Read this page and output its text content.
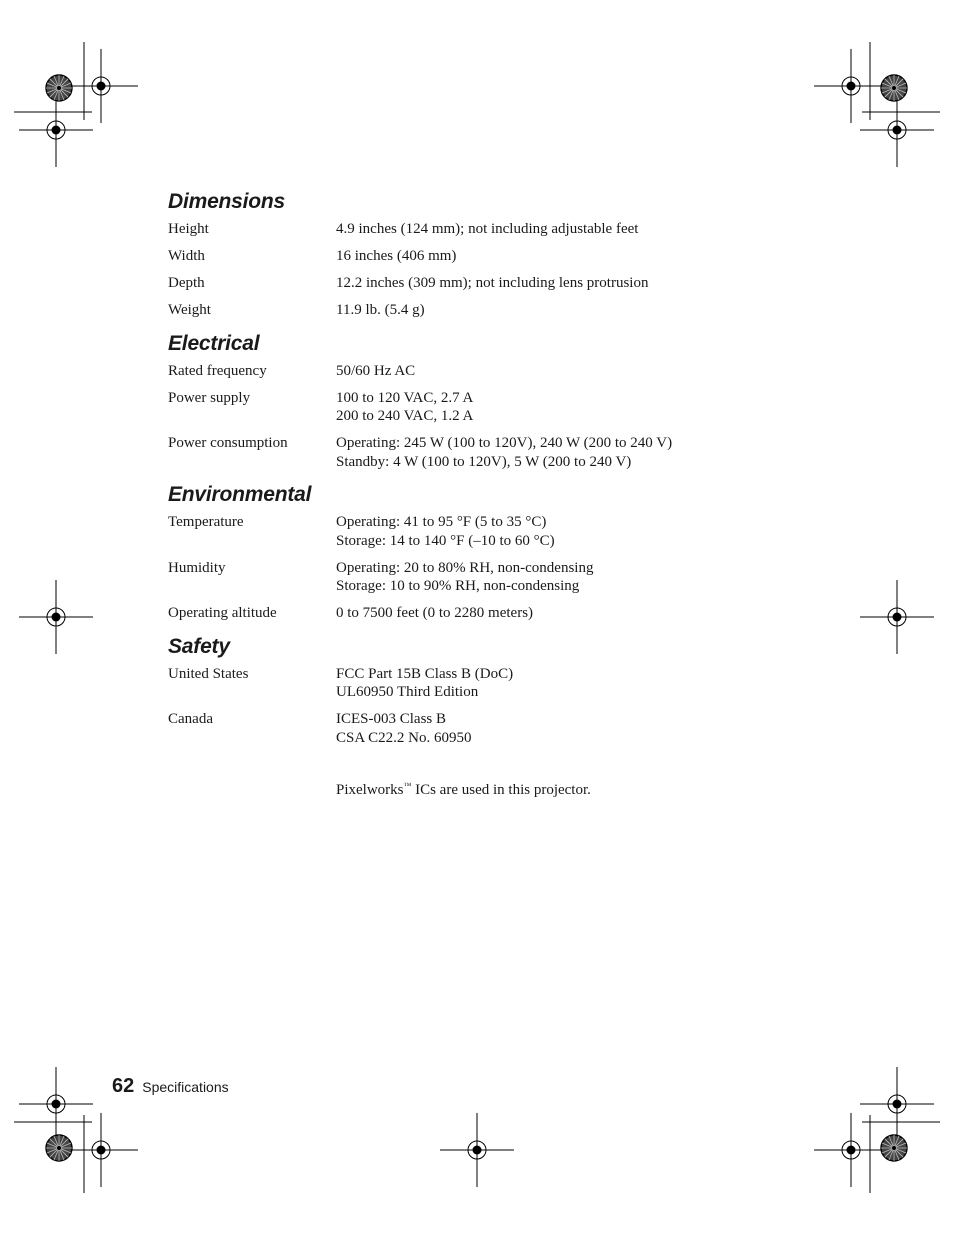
Dimensions
Height	4.9 inches (124 mm); not including adjustable feet
Width	16 inches (406 mm)
Depth	12.2 inches (309 mm); not including lens protrusion
Weight	11.9 lb. (5.4 g)
Electrical
Rated frequency	50/60 Hz AC
Power supply	100 to 120 VAC, 2.7 A
200 to 240 VAC, 1.2 A
Power consumption	Operating: 245 W (100 to 120V), 240 W (200 to 240 V)
Standby: 4 W (100 to 120V), 5 W (200 to 240 V)
Environmental
Temperature	Operating: 41 to 95 °F (5 to 35 °C)
Storage: 14 to 140 °F (–10 to 60 °C)
Humidity	Operating: 20 to 80% RH, non-condensing
Storage: 10 to 90% RH, non-condensing
Operating altitude	0 to 7500 feet (0 to 2280 meters)
Safety
United States	FCC Part 15B Class B (DoC)
UL60950 Third Edition
Canada	ICES-003 Class B
CSA C22.2 No. 60950

Pixelworks™ ICs are used in this projector.

62 Specifications
